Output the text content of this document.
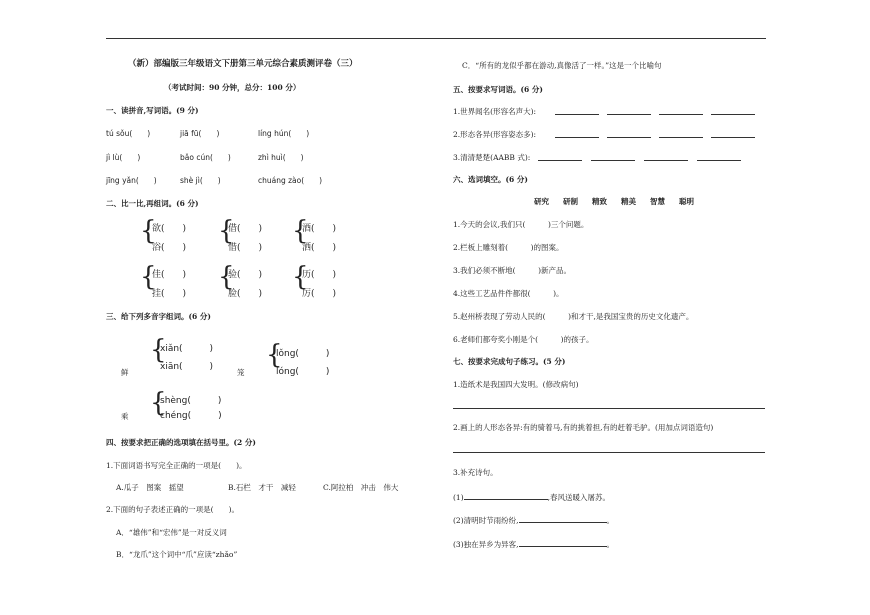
（新）部编版三年级语文下册第三单元综合素质测评卷（三）
（考试时间：90 分钟，总分：100 分）
一、读拼音,写词语。(9 分)
tú sǒu(　　)	jiā fū(　　)	líng hún(　　)
jì lù(　　)	bǎo cún(　　)	zhì huì(　　)
jīng yǎn(　　)	shè jì(　　)	chuáng zào(　　)
二、比一比,再组词。(6 分)
{
欲(　　)
浴(　　)
{
借(　　)
惜(　　)
{
酒(　　)
洒(　　)
{
佳(　　)
挂(　　)
{
验(　　)
脸(　　)
{
历(　　)
厉(　　)
三、给下列多音字组词。(6 分)
鲜
{
xiǎn(　　　)
xiān(　　　)
笼
{
lǒng(　　　)
lóng(　　　)
乘 {
shèng(　　　)
chéng(　　　)
四、按要求把正确的选项填在括号里。(2 分)
1.下面词语书写完全正确的一项是(　　)。
A.瓜子　图案　摇望	B.石栏　才干　减轻	C.阿拉柏　冲击　伟大
2.下面的句子表述正确的一项是(　　)。
A．“雄伟”和“宏伟”是一对反义词
B．“龙爪”这个词中“爪”应读“zhǎo”
C．“所有的龙似乎都在游动,真像活了一样。”这是一个比喻句
五、按要求写词语。(6 分)
1.世界闻名(形容名声大):
2.形态各异(形容姿态多):
3.清清楚楚(AABB 式):
六、选词填空。(6 分)
研究 研制 精致 精美 智慧 聪明
1.今天的会议,我们只(　　　)三个问题。
2.栏板上雕刻着(　　　)的图案。
3.我们必须不断地(　　　)新产品。
4.这些工艺品件件都很(　　　)。
5.赵州桥表现了劳动人民的(　　　)和才干,是我国宝贵的历史文化遗产。
6.老师们都夸奖小刚是个(　　　)的孩子。
七、按要求完成句子练习。(5 分)
1.造纸术是我国四大发明。(修改病句)
2.画上的人形态各异:有的骑着马,有的挑着担,有的赶着毛驴。(用加点词语造句)
3.补充诗句。
(1)	,春风送暖入屠苏。
(2)清明时节雨纷纷,	。
(3)独在异乡为异客,	。
